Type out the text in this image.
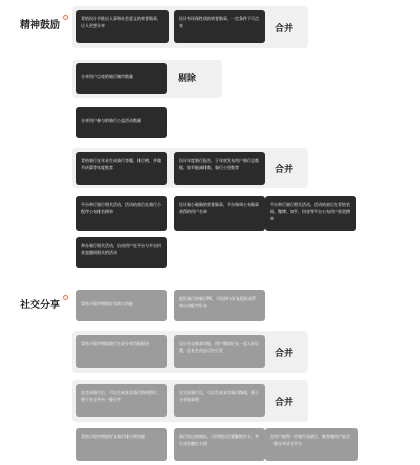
精神鼓励
青桔设计节推出人事和社会意义的荣誉勋章，让人更想分享
设计有环保性质的荣誉勋章，一定条件下可点亮	合并
分享用户点亮的骑行城市数量	剔除
分享用户参与的骑行公益活动数量
青桔骑行在年末生成骑行答题、排行榜，并做节庆篇等年度推荐
设计年度骑行报告，于年底发布用户骑行总数据，如节能减排数、骑行公里数等	合并
平台举行骑行相关活动，活动结束后在骑行小程序公布排名榜单
设计骑小勋勋的荣誉勋章，平台每周公布勋章获得的用户名单
平台举行骑行相关活动，活动结束后在青桔官网、微博、知乎、抖音等平台公布用户获奖榜单
举办骑行相关活动，启动用户在平台与平台抖音直播间相关的活动
社交分享	青桔小程序增加好友助力功能
提队骑行时骑行PK，可选择与好友组队或系统自动配对队友
青桔小程序增加骑行生成分享功能板块	设计社交勋章功能，用户邀请好友一起入驻设置，总友在动态可在后发	合并
在完成骑行后，可以生成本次骑行路线图片，便于社交平台一键分享
在完成骑行后，可以生成本次骑行路线，便于分享勋章图	合并
青桔小程序增加好友骑行排行榜功能	骑行结过的地标，可用相应位置解锁打卡，并生成有趣打卡图
在用户取得一定骑行成就后，推荐邀用户是否一键分享社交平台
